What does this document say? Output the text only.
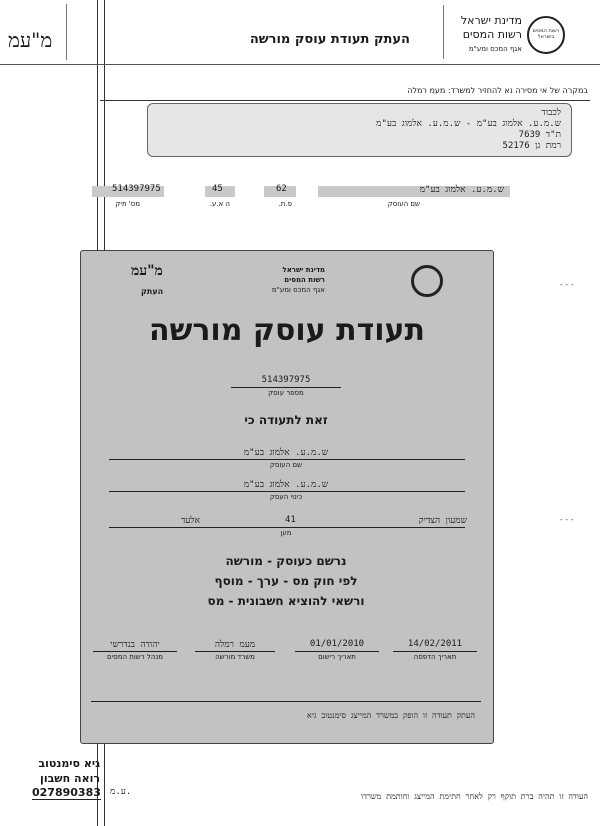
מ"עמ	העתק תעודת עוסק מורשה
מדינת ישראל
רשות המסים
אגף המכס ומע"מ
רשות המסים בישראל
במקרה של אי מסירה נא להחזיר למשרד: מעמ רמלה
לכבוד
ש.מ.ע. אלמוג בע"מ - ש.מ.ע. אלמוג בע"מ
ת"ד 7639
רמת גן 52176
514397975
מס' תיק
45
ה א.ע.
62
פ.ת.
ש.מ.ע. אלמוג בע"מ
שם העוסק
מ"עמ
העתק
מדינת ישראל
רשות המסים
אגף המכס ומע"מ
תעודת עוסק מורשה
514397975
מספר עוסק
זאת לתעודה כי
ש.מ.ע. אלמוג בע"מ
שם העוסק
ש.מ.ע. אלמוג בע"מ
כינוי העסק
אלעד	41	שמעון הצדיק
מען
נרשם כעוסק - מורשה
לפי חוק מס - ערך - מוסף
ורשאי להוציא חשבונית - מס
יהודה בנדרשי
מנהל רשות המסים
מעמ רמלה
משרד מורשה
01/01/2010
תאריך רישום
14/02/2011
תאריך הדפסה
העתק תעודה זו הופק במשרד המייצג סימנטוב גיא
- - -
- - -
גיא סימנטוב
רואה חשבון
027890383 ע.מ.	העודה זו תהיה ברת תוקף רק לאחר חתימת המייצג וחותמת משרדו
